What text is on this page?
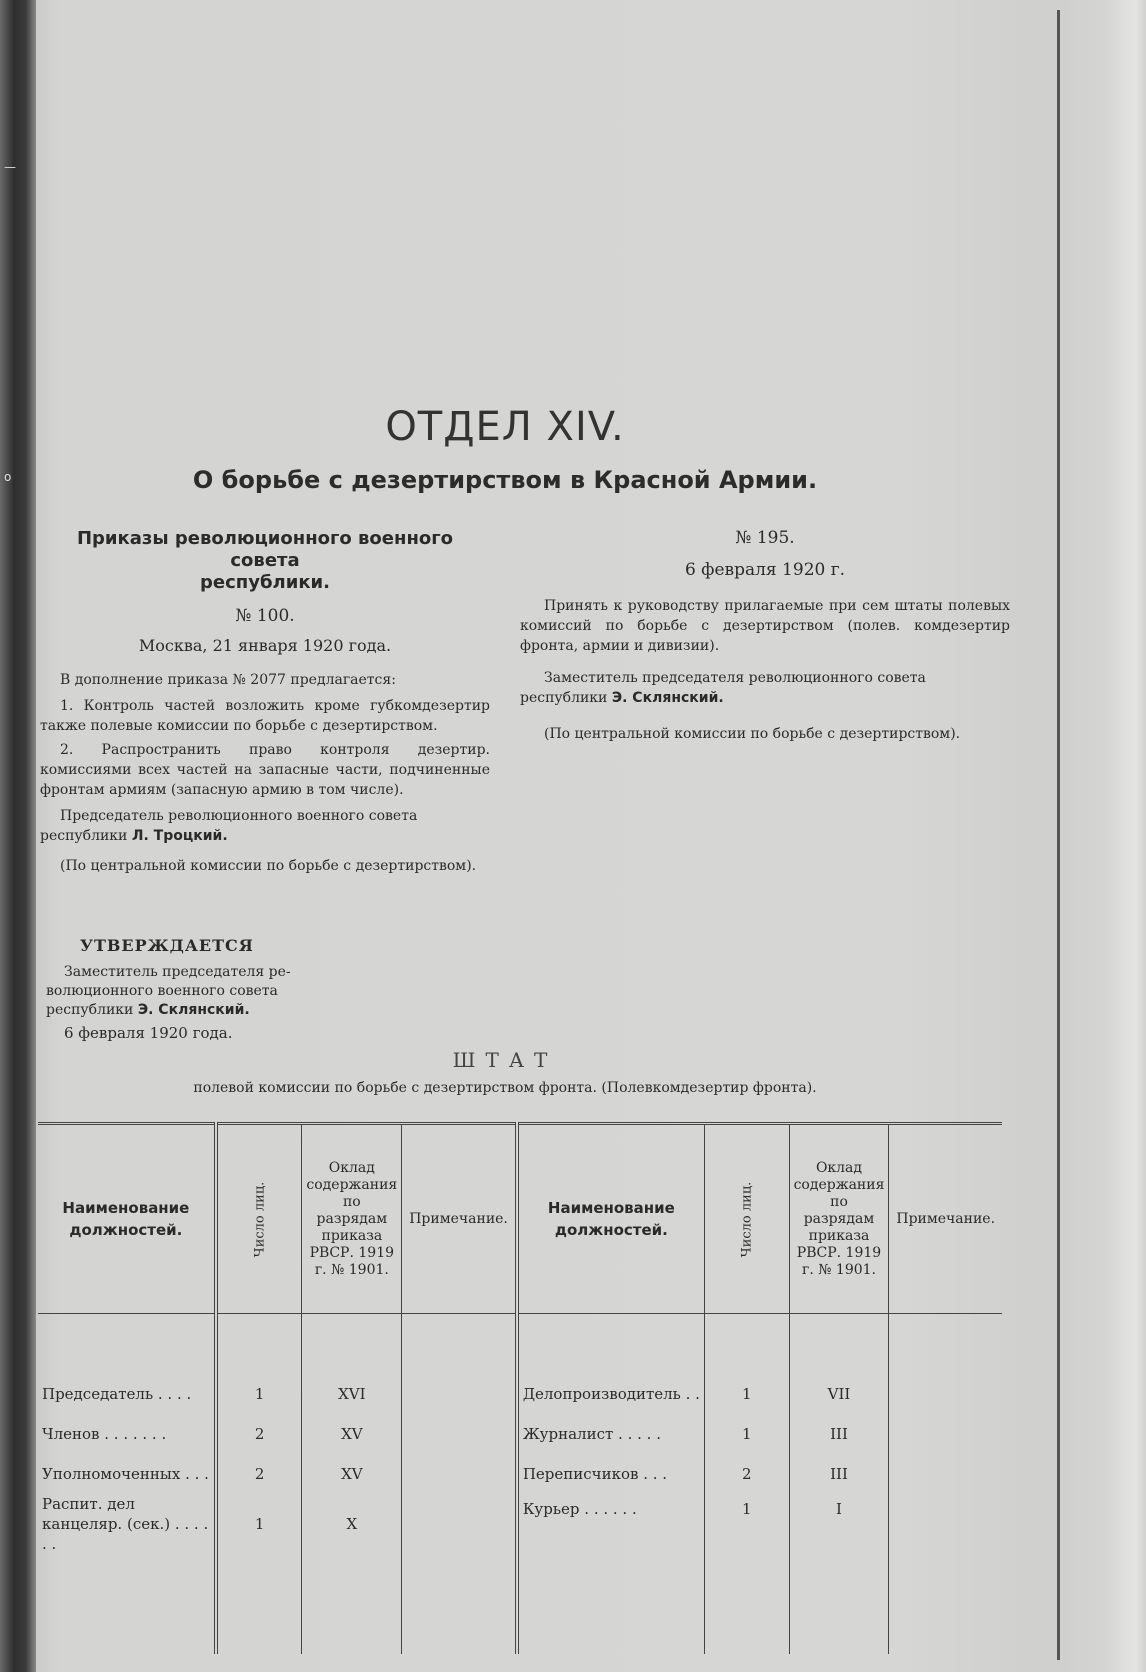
—
о
ОТДЕЛ XIV.
О борьбе с дезертирством в Красной Армии.

Приказы революционного военного совета

республики.

№ 100.

Москва, 21 января 1920 года.

В дополнение приказа № 2077 предлагается:

1. Контроль частей возложить кроме губкомдезертир также полевые комиссии по борьбе с дезертирством.

2. Распространить право контроля дезертир. комиссиями всех частей на запасные части, подчиненные фронтам армиям (запасную армию в том числе).

Председатель революционного военного совета республики Л. Троцкий.

(По центральной комиссии по борьбе с дезертирством).

№ 195.

6 февраля 1920 г.

Принять к руководству прилагаемые при сем штаты полевых комиссий по борьбе с дезертирством (полев. комдезертир фронта, армии и дивизии).

Заместитель председателя революционного совета республики Э. Склянский.

(По центральной комиссии по борьбе с дезертирством).

УТВЕРЖДАЕТСЯ

Заместитель председателя ре-

волюционного военного совета

республики Э. Склянский.

6 февраля 1920 года.

ШТАТ
полевой комиссии по борьбе с дезертирством фронта. (Полевкомдезертир фронта).
Наименование должностей.	Число лиц.	Оклад содержания по разрядам приказа РВСР. 1919 г. № 1901.	Примечание.	Наименование должностей.	Число лиц.	Оклад содержания по разрядам приказа РВСР. 1919 г. № 1901.	Примечание.

Председатель . . . .	1	XVI		Делопроизводитель . .	1	VII	
Членов . . . . . . .	2	XV		Журналист . . . . .	1	III	
Уполномоченных . . .	2	XV		Переписчиков . . .	2	III	
Распит. дел канцеляр. (сек.) . . . . . .	1	X		Курьер . . . . . .	1	I	
